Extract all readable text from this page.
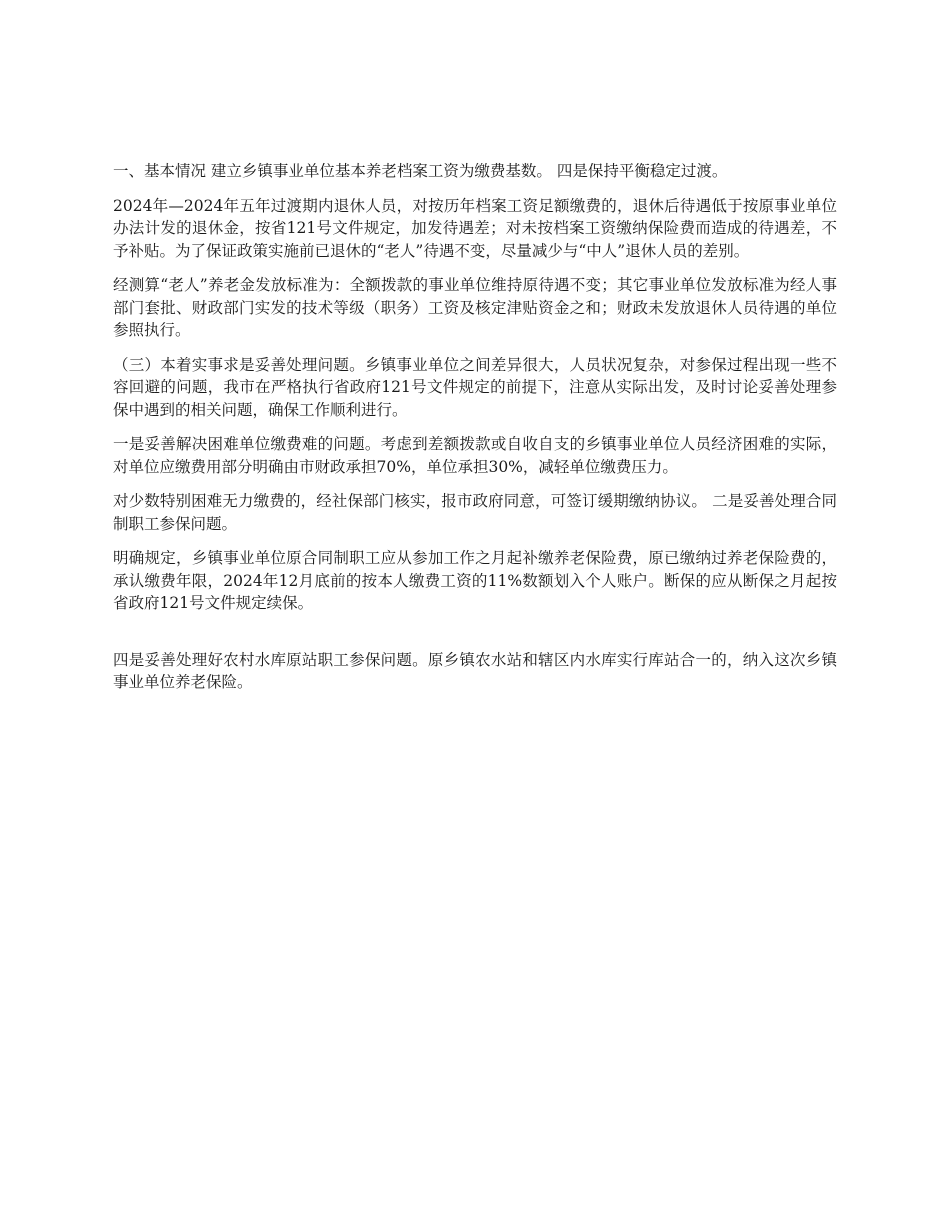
一、基本情况 建立乡镇事业单位基本养老档案工资为缴费基数。 四是保持平衡稳定过渡。

2024年—2024年五年过渡期内退休人员，对按历年档案工资足额缴费的，退休后待遇低于按原事业单位办法计发的退休金，按省121号文件规定，加发待遇差；对未按档案工资缴纳保险费而造成的待遇差，不予补贴。为了保证政策实施前已退休的“老人”待遇不变，尽量减少与“中人”退休人员的差别。

经测算“老人”养老金发放标准为：全额拨款的事业单位维持原待遇不变；其它事业单位发放标准为经人事部门套批、财政部门实发的技术等级（职务）工资及核定津贴资金之和；财政未发放退休人员待遇的单位参照执行。

（三）本着实事求是妥善处理问题。乡镇事业单位之间差异很大，人员状况复杂，对参保过程出现一些不容回避的问题，我市在严格执行省政府121号文件规定的前提下，注意从实际出发，及时讨论妥善处理参保中遇到的相关问题，确保工作顺利进行。

一是妥善解决困难单位缴费难的问题。考虑到差额拨款或自收自支的乡镇事业单位人员经济困难的实际，对单位应缴费用部分明确由市财政承担70%，单位承担30%，减轻单位缴费压力。

对少数特别困难无力缴费的，经社保部门核实，报市政府同意，可签订缓期缴纳协议。 二是妥善处理合同制职工参保问题。

明确规定，乡镇事业单位原合同制职工应从参加工作之月起补缴养老保险费，原已缴纳过养老保险费的，承认缴费年限，2024年12月底前的按本人缴费工资的11%数额划入个人账户。断保的应从断保之月起按省政府121号文件规定续保。

四是妥善处理好农村水库原站职工参保问题。原乡镇农水站和辖区内水库实行库站合一的，纳入这次乡镇事业单位养老保险。
